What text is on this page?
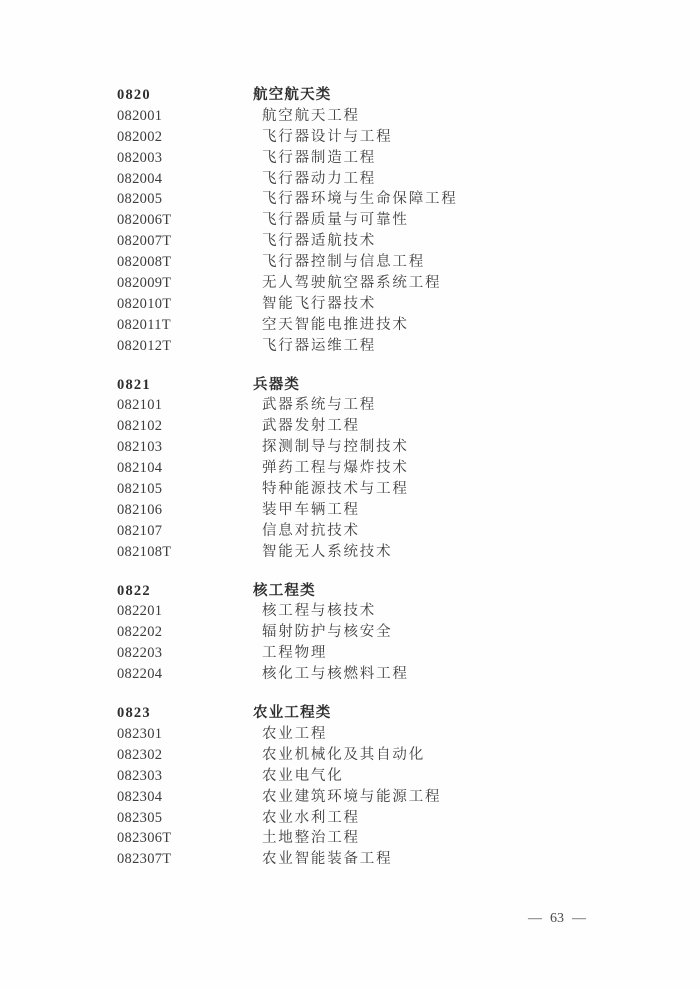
0820	航空航天类
082001	航空航天工程
082002	飞行器设计与工程
082003	飞行器制造工程
082004	飞行器动力工程
082005	飞行器环境与生命保障工程
082006T	飞行器质量与可靠性
082007T	飞行器适航技术
082008T	飞行器控制与信息工程
082009T	无人驾驶航空器系统工程
082010T	智能飞行器技术
082011T	空天智能电推进技术
082012T	飞行器运维工程
0821	兵器类
082101	武器系统与工程
082102	武器发射工程
082103	探测制导与控制技术
082104	弹药工程与爆炸技术
082105	特种能源技术与工程
082106	装甲车辆工程
082107	信息对抗技术
082108T	智能无人系统技术
0822	核工程类
082201	核工程与核技术
082202	辐射防护与核安全
082203	工程物理
082204	核化工与核燃料工程
0823	农业工程类
082301	农业工程
082302	农业机械化及其自动化
082303	农业电气化
082304	农业建筑环境与能源工程
082305	农业水利工程
082306T	土地整治工程
082307T	农业智能装备工程
— 63 —
